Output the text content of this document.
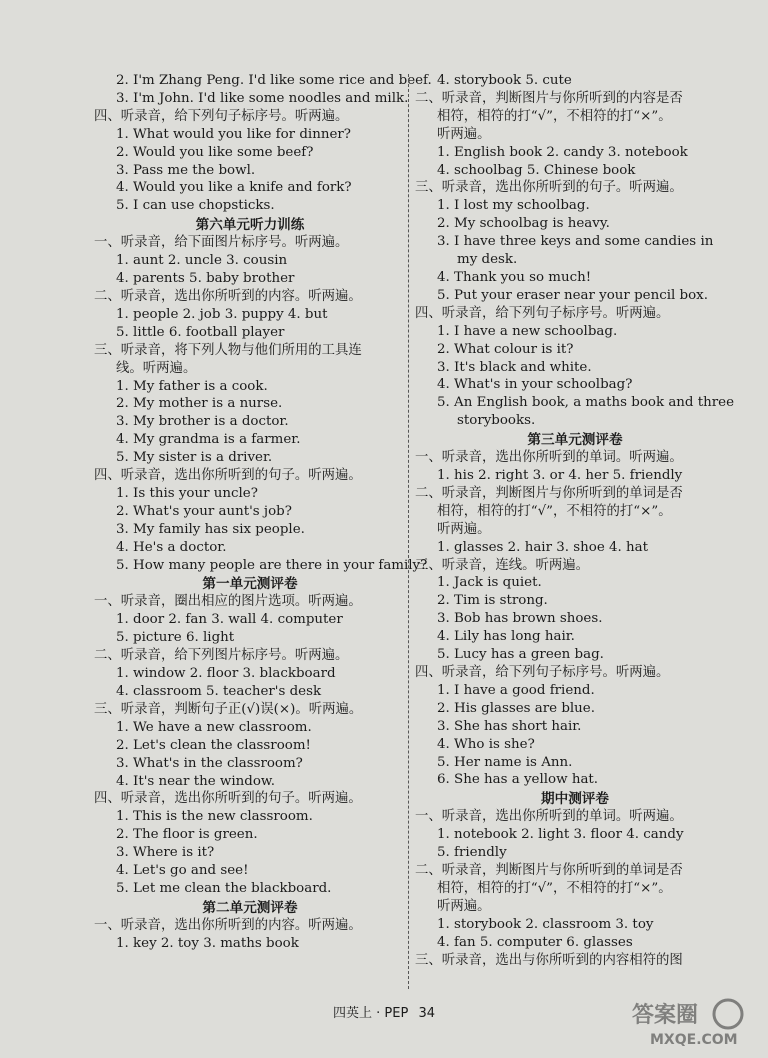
2. I'm Zhang Peng. I'd like some rice and beef.
3. I'm John. I'd like some noodles and milk.
四、听录音，给下列句子标序号。听两遍。
1. What would you like for dinner?
2. Would you like some beef?
3. Pass me the bowl.
4. Would you like a knife and fork?
5. I can use chopsticks.
第六单元听力训练
一、听录音，给下面图片标序号。听两遍。
1. aunt 2. uncle 3. cousin
4. parents 5. baby brother
二、听录音，选出你所听到的内容。听两遍。
1. people 2. job 3. puppy 4. but
5. little 6. football player
三、听录音，将下列人物与他们所用的工具连
线。听两遍。
1. My father is a cook.
2. My mother is a nurse.
3. My brother is a doctor.
4. My grandma is a farmer.
5. My sister is a driver.
四、听录音，选出你所听到的句子。听两遍。
1. Is this your uncle?
2. What's your aunt's job?
3. My family has six people.
4. He's a doctor.
5. How many people are there in your family?
第一单元测评卷
一、听录音，圈出相应的图片选项。听两遍。
1. door 2. fan 3. wall 4. computer
5. picture 6. light
二、听录音，给下列图片标序号。听两遍。
1. window 2. floor 3. blackboard
4. classroom 5. teacher's desk
三、听录音，判断句子正(√)误(×)。听两遍。
1. We have a new classroom.
2. Let's clean the classroom!
3. What's in the classroom?
4. It's near the window.
四、听录音，选出你所听到的句子。听两遍。
1. This is the new classroom.
2. The floor is green.
3. Where is it?
4. Let's go and see!
5. Let me clean the blackboard.
第二单元测评卷
一、听录音，选出你所听到的内容。听两遍。
1. key 2. toy 3. maths book
4. storybook 5. cute
二、听录音，判断图片与你所听到的内容是否
相符，相符的打“√”，不相符的打“×”。
听两遍。
1. English book 2. candy 3. notebook
4. schoolbag 5. Chinese book
三、听录音，选出你所听到的句子。听两遍。
1. I lost my schoolbag.
2. My schoolbag is heavy.
3. I have three keys and some candies in
my desk.
4. Thank you so much!
5. Put your eraser near your pencil box.
四、听录音，给下列句子标序号。听两遍。
1. I have a new schoolbag.
2. What colour is it?
3. It's black and white.
4. What's in your schoolbag?
5. An English book, a maths book and three
storybooks.
第三单元测评卷
一、听录音，选出你所听到的单词。听两遍。
1. his 2. right 3. or 4. her 5. friendly
二、听录音，判断图片与你所听到的单词是否
相符，相符的打“√”，不相符的打“×”。
听两遍。
1. glasses 2. hair 3. shoe 4. hat
三、听录音，连线。听两遍。
1. Jack is quiet.
2. Tim is strong.
3. Bob has brown shoes.
4. Lily has long hair.
5. Lucy has a green bag.
四、听录音，给下列句子标序号。听两遍。
1. I have a good friend.
2. His glasses are blue.
3. She has short hair.
4. Who is she?
5. Her name is Ann.
6. She has a yellow hat.
期中测评卷
一、听录音，选出你所听到的单词。听两遍。
1. notebook 2. light 3. floor 4. candy
5. friendly
二、听录音，判断图片与你所听到的单词是否
相符，相符的打“√”，不相符的打“×”。
听两遍。
1. storybook 2. classroom 3. toy
4. fan 5. computer 6. glasses
三、听录音，选出与你所听到的内容相符的图
四英上 · PEP 34	答案圈
MXQE.COM
